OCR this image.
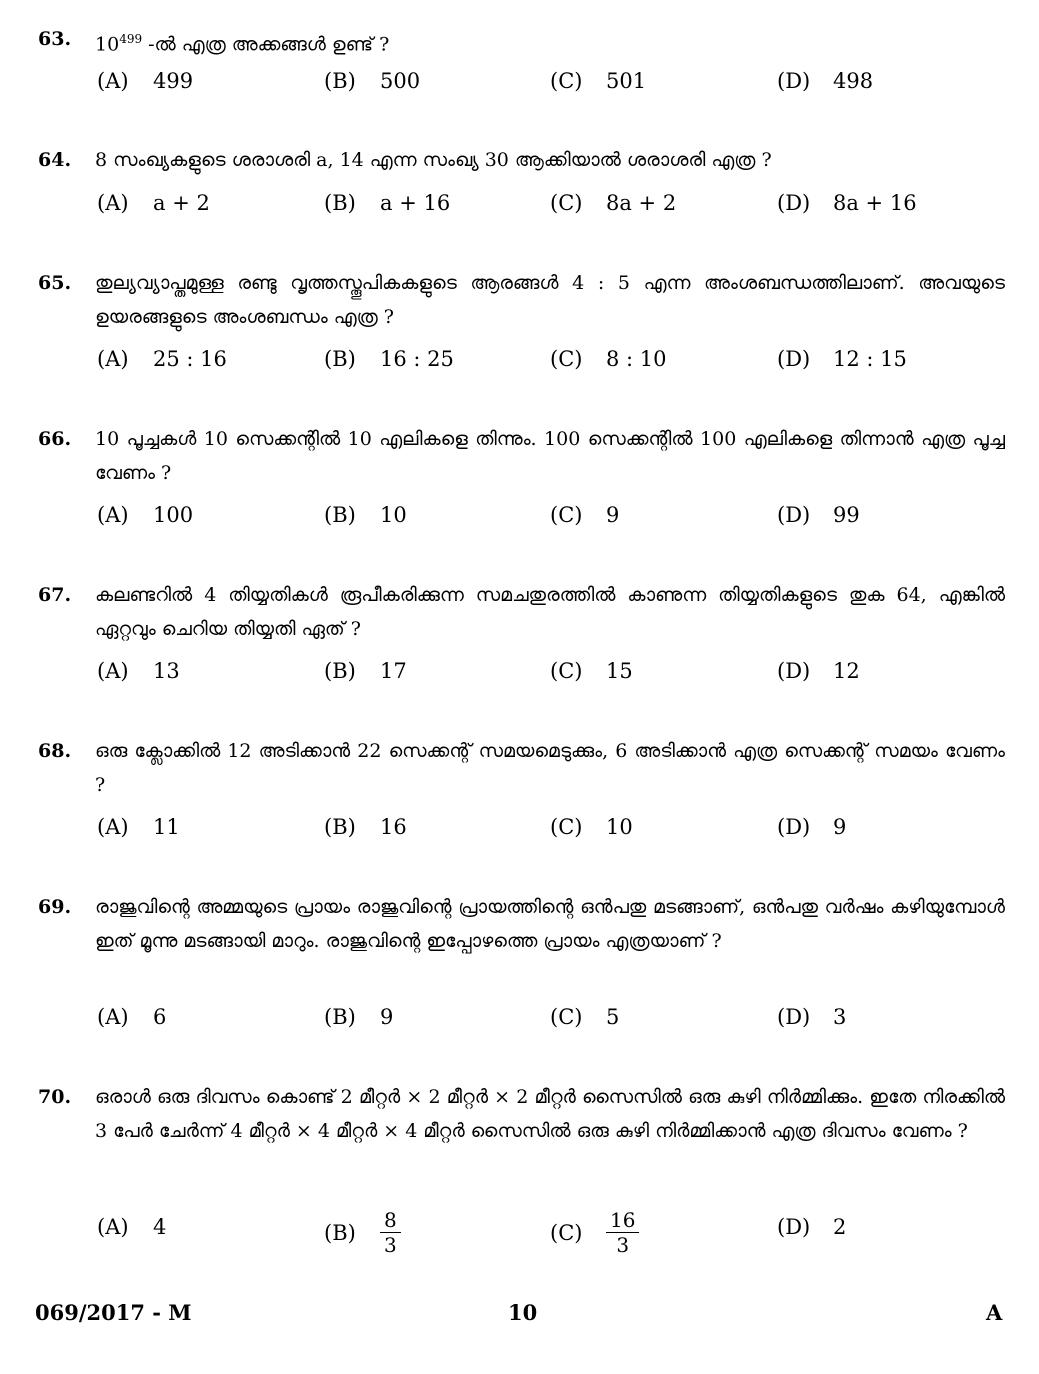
63. $10^{499}$ -ൽ എത്ര അക്കങ്ങൾ ഉണ്ട് ?
(A) 499	(B) 500	(C) 501	(D) 498
64. 8 സംഖ്യകളുടെ ശരാശരി a, 14 എന്ന സംഖ്യ 30 ആക്കിയാൽ ശരാശരി എത്ര ?
(A) a + 2	(B) a + 16	(C) 8a + 2	(D) 8a + 16
65. തുല്യവ്യാപ്തമുള്ള രണ്ടു വൃത്തസ്തൂപികകളുടെ ആരങ്ങൾ 4 : 5 എന്ന അംശബന്ധത്തിലാണ്. അവയുടെ ഉയരങ്ങളുടെ അംശബന്ധം എത്ര ?
(A) 25 : 16	(B) 16 : 25	(C) 8 : 10	(D) 12 : 15
66. 10 പൂച്ചകൾ 10 സെക്കന്റിൽ 10 എലികളെ തിന്നും. 100 സെക്കന്റിൽ 100 എലികളെ തിന്നാൻ എത്ര പൂച്ച വേണം ?
(A) 100	(B) 10	(C) 9	(D) 99
67. കലണ്ടറിൽ 4 തിയ്യതികൾ രൂപീകരിക്കുന്ന സമചതുരത്തിൽ കാണുന്ന തിയ്യതികളുടെ തുക 64, എങ്കിൽ ഏറ്റവും ചെറിയ തിയ്യതി ഏത് ?
(A) 13	(B) 17	(C) 15	(D) 12
68. ഒരു ക്ലോക്കിൽ 12 അടിക്കാൻ 22 സെക്കന്റ് സമയമെടുക്കും, 6 അടിക്കാൻ എത്ര സെക്കന്റ് സമയം വേണം ?
(A) 11	(B) 16	(C) 10	(D) 9
69. രാജുവിന്റെ അമ്മയുടെ പ്രായം രാജുവിന്റെ പ്രായത്തിന്റെ ഒൻപതു മടങ്ങാണ്, ഒൻപതു വർഷം കഴിയുമ്പോൾ ഇത് മൂന്നു മടങ്ങായി മാറും. രാജുവിന്റെ ഇപ്പോഴത്തെ പ്രായം എത്രയാണ് ?
(A) 6	(B) 9	(C) 5	(D) 3
70. ഒരാൾ ഒരു ദിവസം കൊണ്ട് 2 മീറ്റർ × 2 മീറ്റർ × 2 മീറ്റർ സൈസിൽ ഒരു കുഴി നിർമ്മിക്കും. ഇതേ നിരക്കിൽ 3 പേർ ചേർന്ന് 4 മീറ്റർ × 4 മീറ്റർ × 4 മീറ്റർ സൈസിൽ ഒരു കുഴി നിർമ്മിക്കാൻ എത്ര ദിവസം വേണം ?
(A) 4	$(B) \frac{8}{3}$	$(C) \frac{16}{3}$	(D) 2
069/2017 - M	10	A
